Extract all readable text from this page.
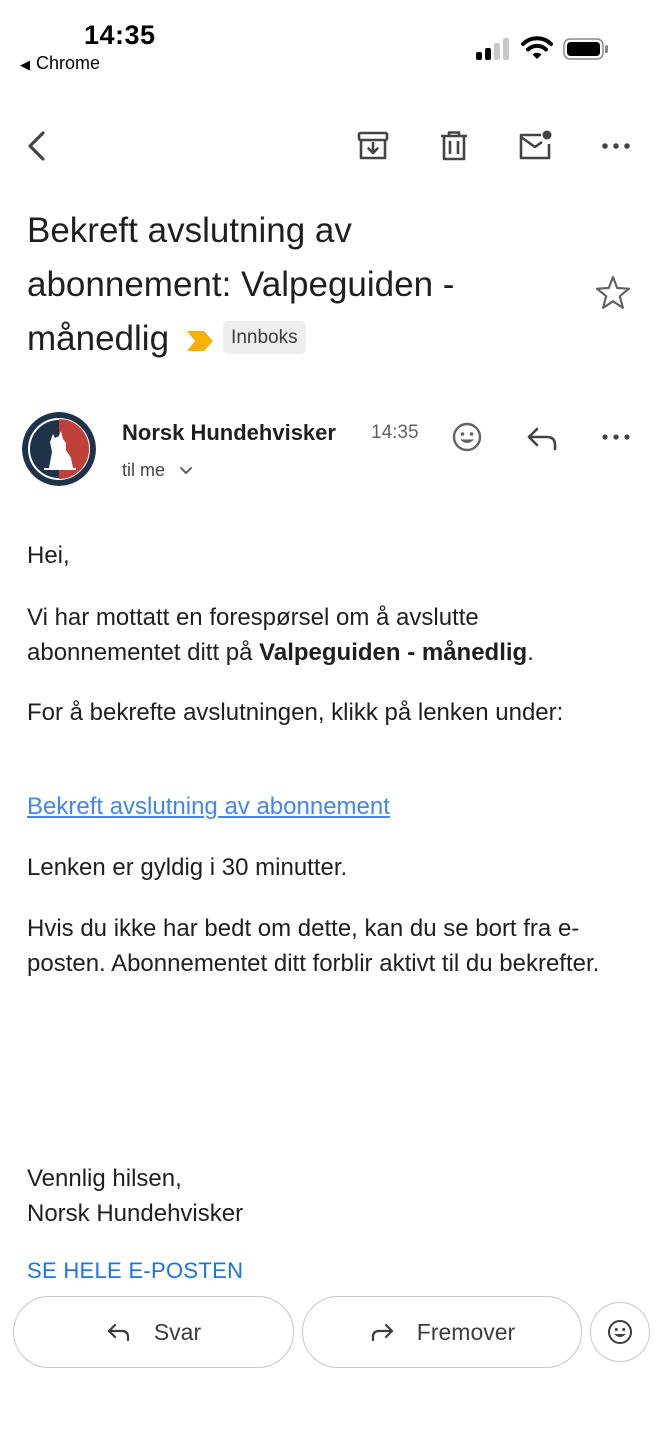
14:35
◀ Chrome
Bekreft avslutning av abonnement: Valpeguiden - månedlig	Innboks
Norsk Hundehvisker 14:35
til me

Hei,

Vi har mottatt en forespørsel om å avslutte abonnementet ditt på Valpeguiden - månedlig.

For å bekrefte avslutningen, klikk på lenken under:

Bekreft avslutning av abonnement

Lenken er gyldig i 30 minutter.

Hvis du ikke har bedt om dette, kan du se bort fra e-posten. Abonnementet ditt forblir aktivt til du bekrefter.

Vennlig hilsen,
Norsk Hundehvisker

SE HELE E-POSTEN
Svar	Fremover
